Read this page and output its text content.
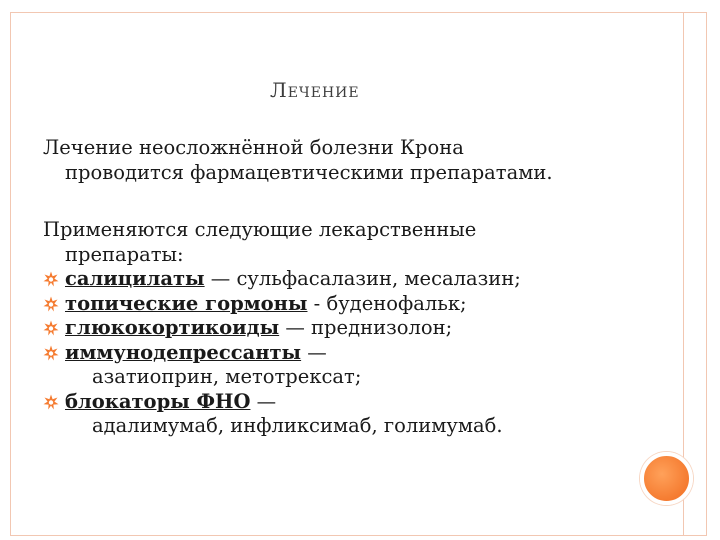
Лечение
Лечение неосложнённой болезни Крона
проводится фармацевтическими препаратами.
Применяются следующие лекарственные
препараты:
салицилаты — сульфасалазин, месалазин;
топические гормоны - буденофальк;
глюкокортикоиды — преднизолон;
иммунодепрессанты —
азатиоприн, метотрексат;
блокаторы ФНО —
адалимумаб, инфликсимаб, голимумаб.
